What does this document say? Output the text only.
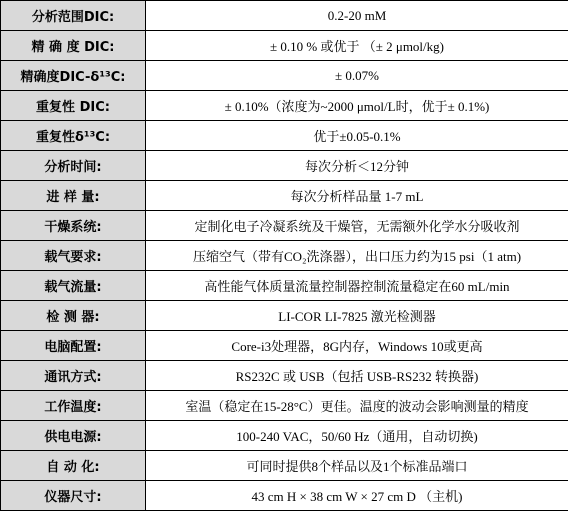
分析范围DIC:	0.2-20 mM
精 确 度 DIC:	± 0.10 % 或优于 （± 2 μmol/kg)
精确度DIC-δ¹³C:	± 0.07%
重复性 DIC:	± 0.10%（浓度为~2000 μmol/L时，优于± 0.1%)
重复性δ¹³C:	优于±0.05-0.1%
分析时间:	每次分析＜12分钟
进 样 量:	每次分析样品量 1-7 mL
干燥系统:	定制化电子冷凝系统及干燥管，无需额外化学水分吸收剂
载气要求:	压缩空气（带有CO₂洗涤器），出口压力约为15 psi（1 atm)
载气流量:	高性能气体质量流量控制器控制流量稳定在60 mL/min
检 测 器:	LI-COR LI-7825 激光检测器
电脑配置:	Core-i3处理器，8G内存，Windows 10或更高
通讯方式:	RS232C 或 USB（包括 USB-RS232 转换器)
工作温度:	室温（稳定在15-28°C）更佳。温度的波动会影响测量的精度
供电电源:	100-240 VAC，50/60 Hz（通用，自动切换)
自 动 化:	可同时提供8个样品以及1个标准品端口
仪器尺寸:	43 cm H × 38 cm W × 27 cm D （主机)
